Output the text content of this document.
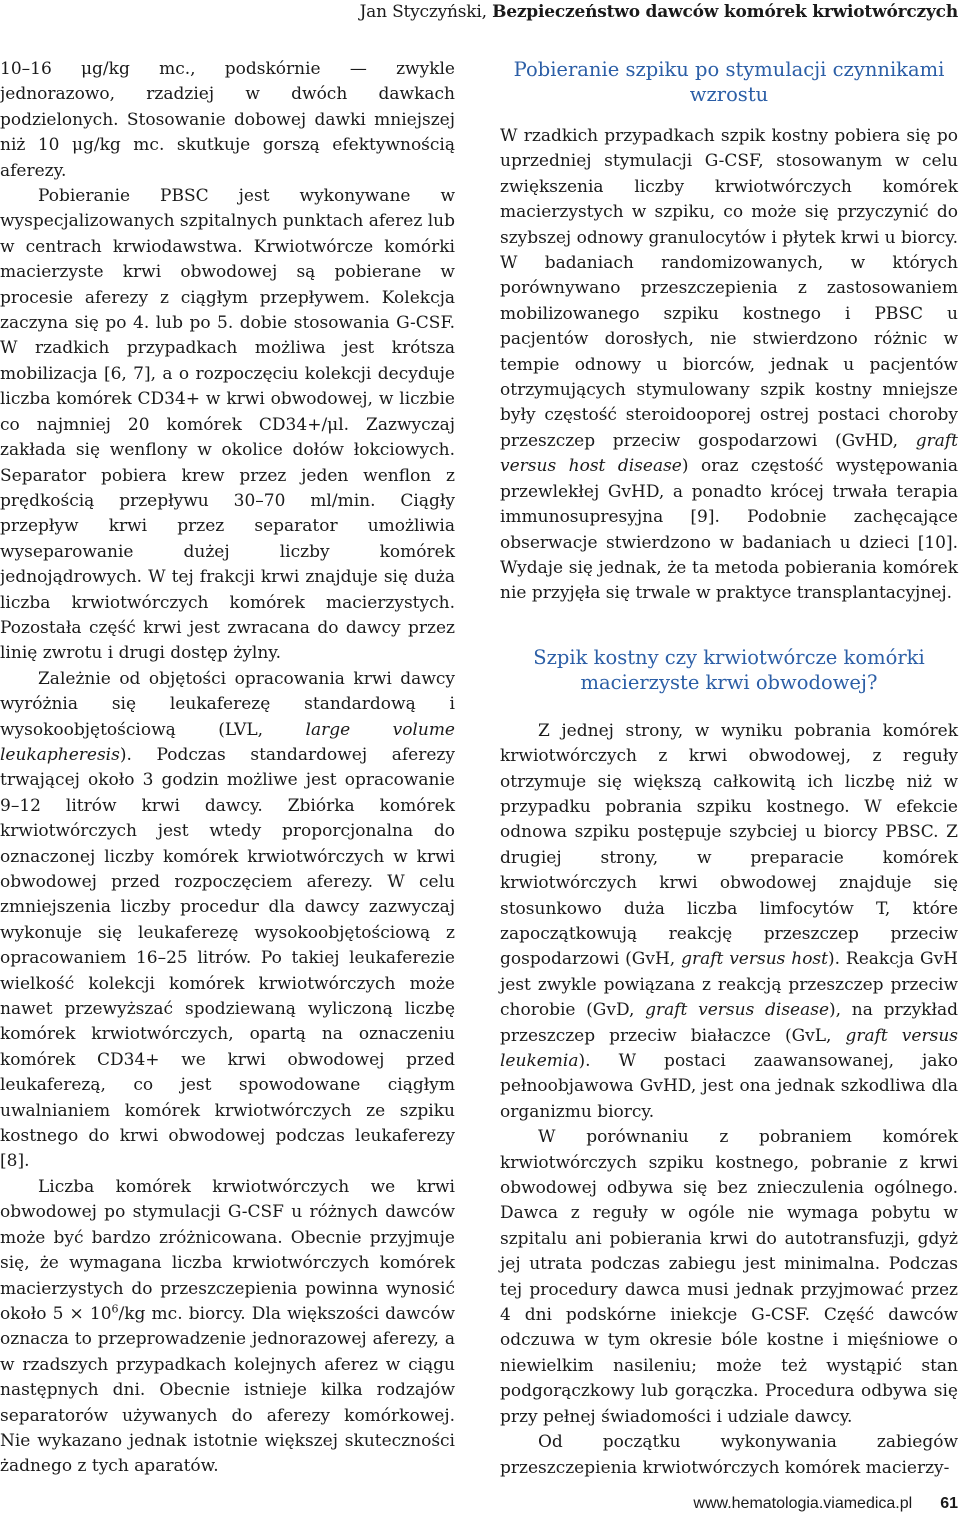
Jan Styczyński, Bezpieczeństwo dawców komórek krwiotwórczych

10–16 μg/kg mc., podskórnie — zwykle jednorazowo, rzadziej w dwóch dawkach podzielonych. Stosowanie dobowej dawki mniejszej niż 10 μg/kg mc. skutkuje gorszą efektywnością aferezy.

Pobieranie PBSC jest wykonywane w wyspecjalizowanych szpitalnych punktach aferez lub w centrach krwiodawstwa. Krwiotwórcze komórki macierzyste krwi obwodowej są pobierane w procesie aferezy z ciągłym przepływem. Kolekcja zaczyna się po 4. lub po 5. dobie stosowania G-CSF. W rzadkich przypadkach możliwa jest krótsza mobilizacja [6, 7], a o rozpoczęciu kolekcji decyduje liczba komórek CD34+ w krwi obwodowej, w liczbie co najmniej 20 komórek CD34+/μl. Zazwyczaj zakłada się wenflony w okolice dołów łokciowych. Separator pobiera krew przez jeden wenflon z prędkością przepływu 30–70 ml/min. Ciągły przepływ krwi przez separator umożliwia wyseparowanie dużej liczby komórek jednojądrowych. W tej frakcji krwi znajduje się duża liczba krwiotwórczych komórek macierzystych. Pozostała część krwi jest zwracana do dawcy przez linię zwrotu i drugi dostęp żylny.

Zależnie od objętości opracowania krwi dawcy wyróżnia się leukaferezę standardową i wysokoobjętościową (LVL, large volume leukapheresis). Podczas standardowej aferezy trwającej około 3 godzin możliwe jest opracowanie 9–12 litrów krwi dawcy. Zbiórka komórek krwiotwórczych jest wtedy proporcjonalna do oznaczonej liczby komórek krwiotwórczych w krwi obwodowej przed rozpoczęciem aferezy. W celu zmniejszenia liczby procedur dla dawcy zazwyczaj wykonuje się leukaferezę wysokoobjętościową z opracowaniem 16–25 litrów. Po takiej leukaferezie wielkość kolekcji komórek krwiotwórczych może nawet przewyższać spodziewaną wyliczoną liczbę komórek krwiotwórczych, opartą na oznaczeniu komórek CD34+ we krwi obwodowej przed leukaferezą, co jest spowodowane ciągłym uwalnianiem komórek krwiotwórczych ze szpiku kostnego do krwi obwodowej podczas leukaferezy [8].

Liczba komórek krwiotwórczych we krwi obwodowej po stymulacji G-CSF u różnych dawców może być bardzo zróżnicowana. Obecnie przyjmuje się, że wymagana liczba krwiotwórczych komórek macierzystych do przeszczepienia powinna wynosić około $5 \times 10^6/kg$ mc. biorcy. Dla większości dawców oznacza to przeprowadzenie jednorazowej aferezy, a w rzadszych przypadkach kolejnych aferez w ciągu następnych dni. Obecnie istnieje kilka rodzajów separatorów używanych do aferezy komórkowej. Nie wykazano jednak istotnie większej skuteczności żadnego z tych aparatów.

Pobieranie szpiku po stymulacji czynnikami wzrostu

W rzadkich przypadkach szpik kostny pobiera się po uprzedniej stymulacji G-CSF, stosowanym w celu zwiększenia liczby krwiotwórczych komórek macierzystych w szpiku, co może się przyczynić do szybszej odnowy granulocytów i płytek krwi u biorcy. W badaniach randomizowanych, w których porównywano przeszczepienia z zastosowaniem mobilizowanego szpiku kostnego i PBSC u pacjentów dorosłych, nie stwierdzono różnic w tempie odnowy u biorców, jednak u pacjentów otrzymujących stymulowany szpik kostny mniejsze były częstość steroidooporej ostrej postaci choroby przeszczep przeciw gospodarzowi (GvHD, graft versus host disease) oraz częstość występowania przewlekłej GvHD, a ponadto krócej trwała terapia immunosupresyjna [9]. Podobnie zachęcające obserwacje stwierdzono w badaniach u dzieci [10]. Wydaje się jednak, że ta metoda pobierania komórek nie przyjęła się trwale w praktyce transplantacyjnej.

Szpik kostny czy krwiotwórcze komórki macierzyste krwi obwodowej?

Z jednej strony, w wyniku pobrania komórek krwiotwórczych z krwi obwodowej, z reguły otrzymuje się większą całkowitą ich liczbę niż w przypadku pobrania szpiku kostnego. W efekcie odnowa szpiku postępuje szybciej u biorcy PBSC. Z drugiej strony, w preparacie komórek krwiotwórczych krwi obwodowej znajduje się stosunkowo duża liczba limfocytów T, które zapoczątkowują reakcję przeszczep przeciw gospodarzowi (GvH, graft versus host). Reakcja GvH jest zwykle powiązana z reakcją przeszczep przeciw chorobie (GvD, graft versus disease), na przykład przeszczep przeciw białaczce (GvL, graft versus leukemia). W postaci zaawansowanej, jako pełnoobjawowa GvHD, jest ona jednak szkodliwa dla organizmu biorcy.

W porównaniu z pobraniem komórek krwiotwórczych szpiku kostnego, pobranie z krwi obwodowej odbywa się bez znieczulenia ogólnego. Dawca z reguły w ogóle nie wymaga pobytu w szpitalu ani pobierania krwi do autotransfuzji, gdyż jej utrata podczas zabiegu jest minimalna. Podczas tej procedury dawca musi jednak przyjmować przez 4 dni podskórne iniekcje G-CSF. Część dawców odczuwa w tym okresie bóle kostne i mięśniowe o niewielkim nasileniu; może też wystąpić stan podgorączkowy lub gorączka. Procedura odbywa się przy pełnej świadomości i udziale dawcy.

Od początku wykonywania zabiegów przeszczepienia krwiotwórczych komórek macierzy-

www.hematologia.viamedica.pl 61
